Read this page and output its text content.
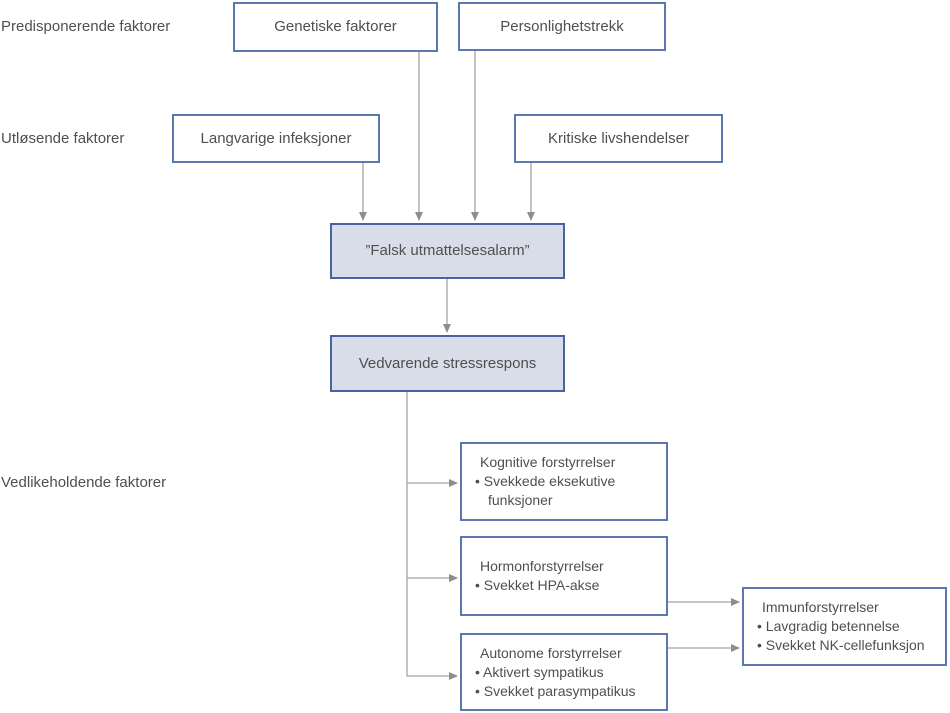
Predisponerende faktorer
Utløsende faktorer
Vedlikeholdende faktorer
Genetiske faktorer	Personlighetstrekk
Langvarige infeksjoner	Kritiske livshendelser
”Falsk utmattelsesalarm”
Vedvarende stressrespons
Kognitive forstyrrelser
• Svekkede eksekutive funksjoner
Hormonforstyrrelser
• Svekket HPA-akse
Autonome forstyrrelser
• Aktivert sympatikus
• Svekket parasympatikus
Immunforstyrrelser
• Lavgradig betennelse
• Svekket NK-cellefunksjon
